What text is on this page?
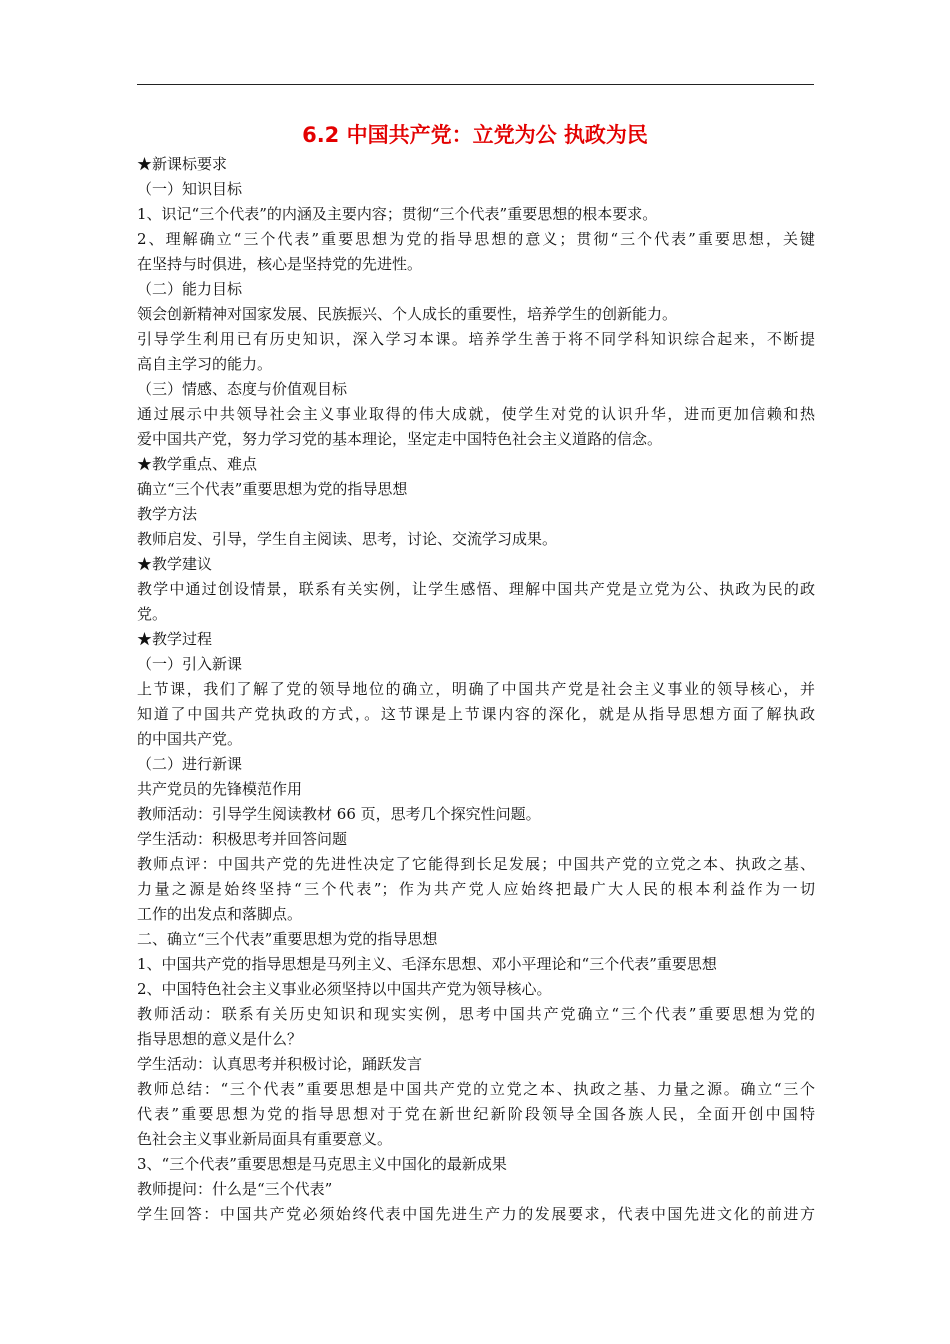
6.2 中国共产党：立党为公 执政为民
★新课标要求
（一）知识目标
1、识记“三个代表”的内涵及主要内容；贯彻“三个代表”重要思想的根本要求。
2、理解确立“三个代表”重要思想为党的指导思想的意义；贯彻“三个代表”重要思想，关键
在坚持与时俱进，核心是坚持党的先进性。
（二）能力目标
领会创新精神对国家发展、民族振兴、个人成长的重要性，培养学生的创新能力。
引导学生利用已有历史知识，深入学习本课。培养学生善于将不同学科知识综合起来，不断提
高自主学习的能力。
（三）情感、态度与价值观目标
通过展示中共领导社会主义事业取得的伟大成就，使学生对党的认识升华，进而更加信赖和热
爱中国共产党，努力学习党的基本理论，坚定走中国特色社会主义道路的信念。
★教学重点、难点
确立“三个代表”重要思想为党的指导思想
教学方法
教师启发、引导，学生自主阅读、思考，讨论、交流学习成果。
★教学建议
教学中通过创设情景，联系有关实例，让学生感悟、理解中国共产党是立党为公、执政为民的政
党。
★教学过程
（一）引入新课
上节课，我们了解了党的领导地位的确立，明确了中国共产党是社会主义事业的领导核心，并
知道了中国共产党执政的方式，。这节课是上节课内容的深化，就是从指导思想方面了解执政
的中国共产党。
（二）进行新课
共产党员的先锋模范作用
教师活动：引导学生阅读教材 66 页，思考几个探究性问题。
学生活动：积极思考并回答问题
教师点评：中国共产党的先进性决定了它能得到长足发展；中国共产党的立党之本、执政之基、
力量之源是始终坚持“三个代表”；作为共产党人应始终把最广大人民的根本利益作为一切
工作的出发点和落脚点。
二、确立“三个代表”重要思想为党的指导思想
1、中国共产党的指导思想是马列主义、毛泽东思想、邓小平理论和“三个代表”重要思想
2、中国特色社会主义事业必须坚持以中国共产党为领导核心。
教师活动：联系有关历史知识和现实实例，思考中国共产党确立“三个代表”重要思想为党的
指导思想的意义是什么？
学生活动：认真思考并积极讨论，踊跃发言
教师总结：“三个代表”重要思想是中国共产党的立党之本、执政之基、力量之源。确立“三个
代表”重要思想为党的指导思想对于党在新世纪新阶段领导全国各族人民，全面开创中国特
色社会主义事业新局面具有重要意义。
3、“三个代表”重要思想是马克思主义中国化的最新成果
教师提问：什么是“三个代表”
学生回答：中国共产党必须始终代表中国先进生产力的发展要求，代表中国先进文化的前进方
